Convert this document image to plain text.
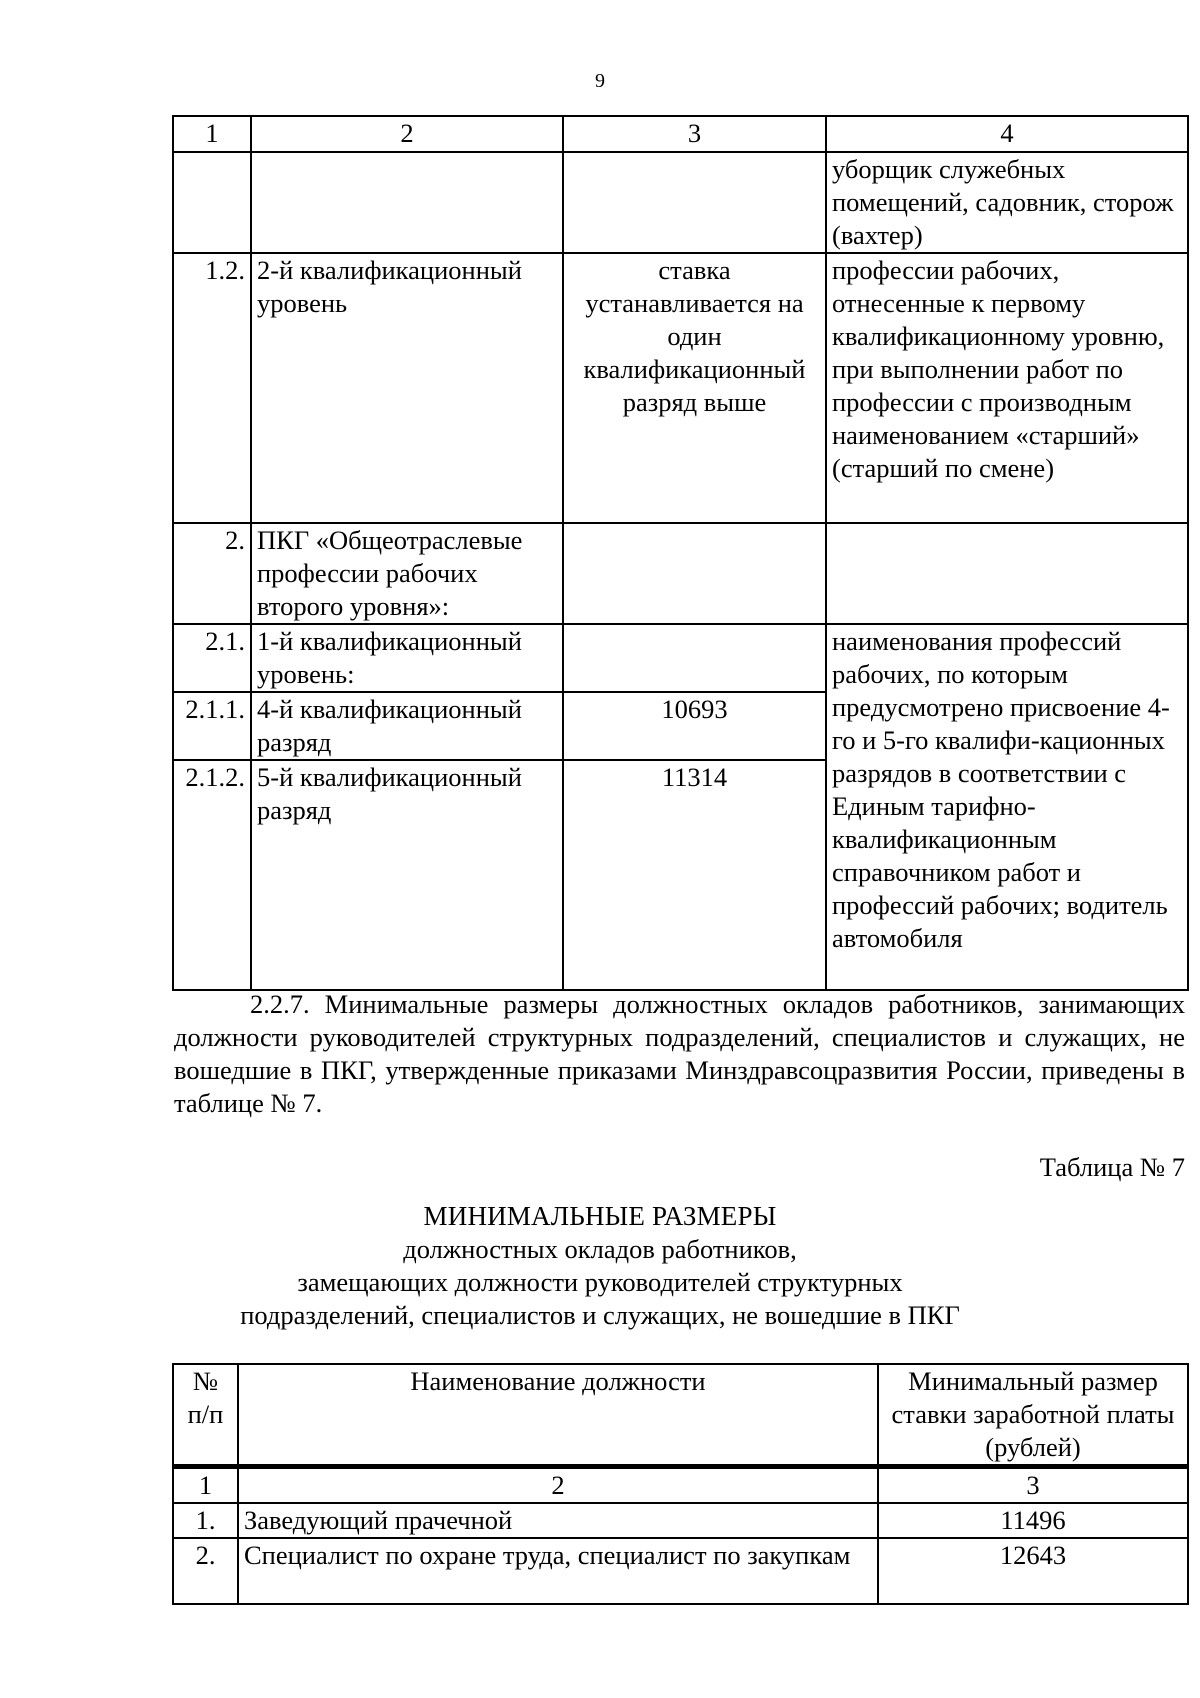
9
1	2	3	4
			уборщик служебных помещений, садовник, сторож (вахтер)
1.2.	2-й квалификационный уровень	ставка устанавливается на один квалификационный разряд выше	профессии рабочих, отнесенные к первому квалификационному уровню, при выполнении работ по профессии с производным наименованием «старший» (старший по смене)
2.	ПКГ «Общеотраслевые профессии рабочих второго уровня»:		
2.1.	1-й квалификационный уровень:		наименования профессий рабочих, по которым предусмотрено присвоение 4-го и 5-го квалифи-кационных разрядов в соответствии с Единым тарифно-квалификационным справочником работ и профессий рабочих; водитель автомобиля
2.1.1.	4-й квалификационный разряд	10693	
2.1.2.	5-й квалификационный разряд	11314	

2.2.7. Минимальные размеры должностных окладов работников, занимающих должности руководителей структурных подразделений, специалистов и служащих, не вошедшие в ПКГ, утвержденные приказами Минздравсоцразвития России, приведены в таблице № 7.

Таблица № 7
МИНИМАЛЬНЫЕ РАЗМЕРЫ
должностных окладов работников,
замещающих должности руководителей структурных
подразделений, специалистов и служащих, не вошедшие в ПКГ
№ п/п	Наименование должности	Минимальный размер ставки заработной платы (рублей)
1	2	3
1.	Заведующий прачечной	11496
2.	Специалист по охране труда, специалист по закупкам	12643
